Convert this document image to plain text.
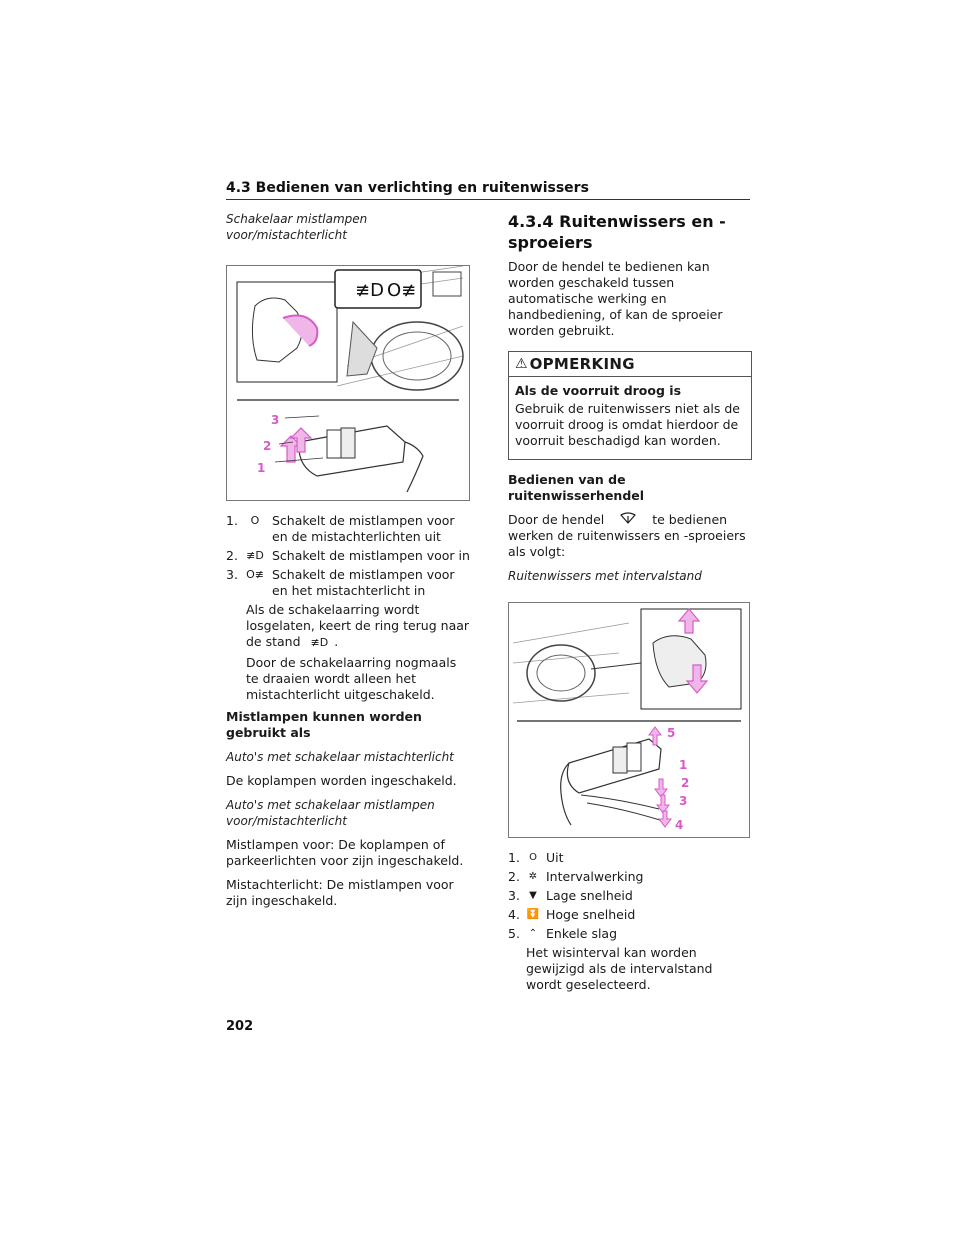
4.3 Bedienen van verlichting en ruitenwissers
Schakelaar mistlampen voor/mistachterlicht
≢D O≢
3
2
1
1.	O	Schakelt de mistlampen voor en de mistachterlichten uit
2. ≢D Schakelt de mistlampen voor in
3. O≢ Schakelt de mistlampen voor en het mistachterlicht in
Als de schakelaarring wordt losgelaten, keert de ring terug naar de stand ≢D .
Door de schakelaarring nogmaals te draaien wordt alleen het mistachterlicht uitgeschakeld.

Mistlampen kunnen worden gebruikt als

Auto's met schakelaar mistachterlicht

De koplampen worden ingeschakeld.

Auto's met schakelaar mistlampen voor/mistachterlicht

Mistlampen voor: De koplampen of parkeerlichten voor zijn ingeschakeld.

Mistachterlicht: De mistlampen voor zijn ingeschakeld.

4.3.4 Ruitenwissers en -sproeiers

Door de hendel te bedienen kan worden geschakeld tussen automatische werking en handbediening, of kan de sproeier worden gebruikt.

⚠ OPMERKING

Als de voorruit droog is

Gebruik de ruitenwissers niet als de voorruit droog is omdat hierdoor de voorruit beschadigd kan worden.

Bedienen van de ruitenwisserhendel

Door de hendel	te bedienen werken de ruitenwissers en -sproeiers als volgt:

Ruitenwissers met intervalstand
5
1
2
3
4
1. O Uit
2. ✲ Intervalwerking
3. ▼ Lage snelheid
4. ⏬ Hoge snelheid
5. ⌃ Enkele slag
Het wisinterval kan worden gewijzigd als de intervalstand wordt geselecteerd.
202
